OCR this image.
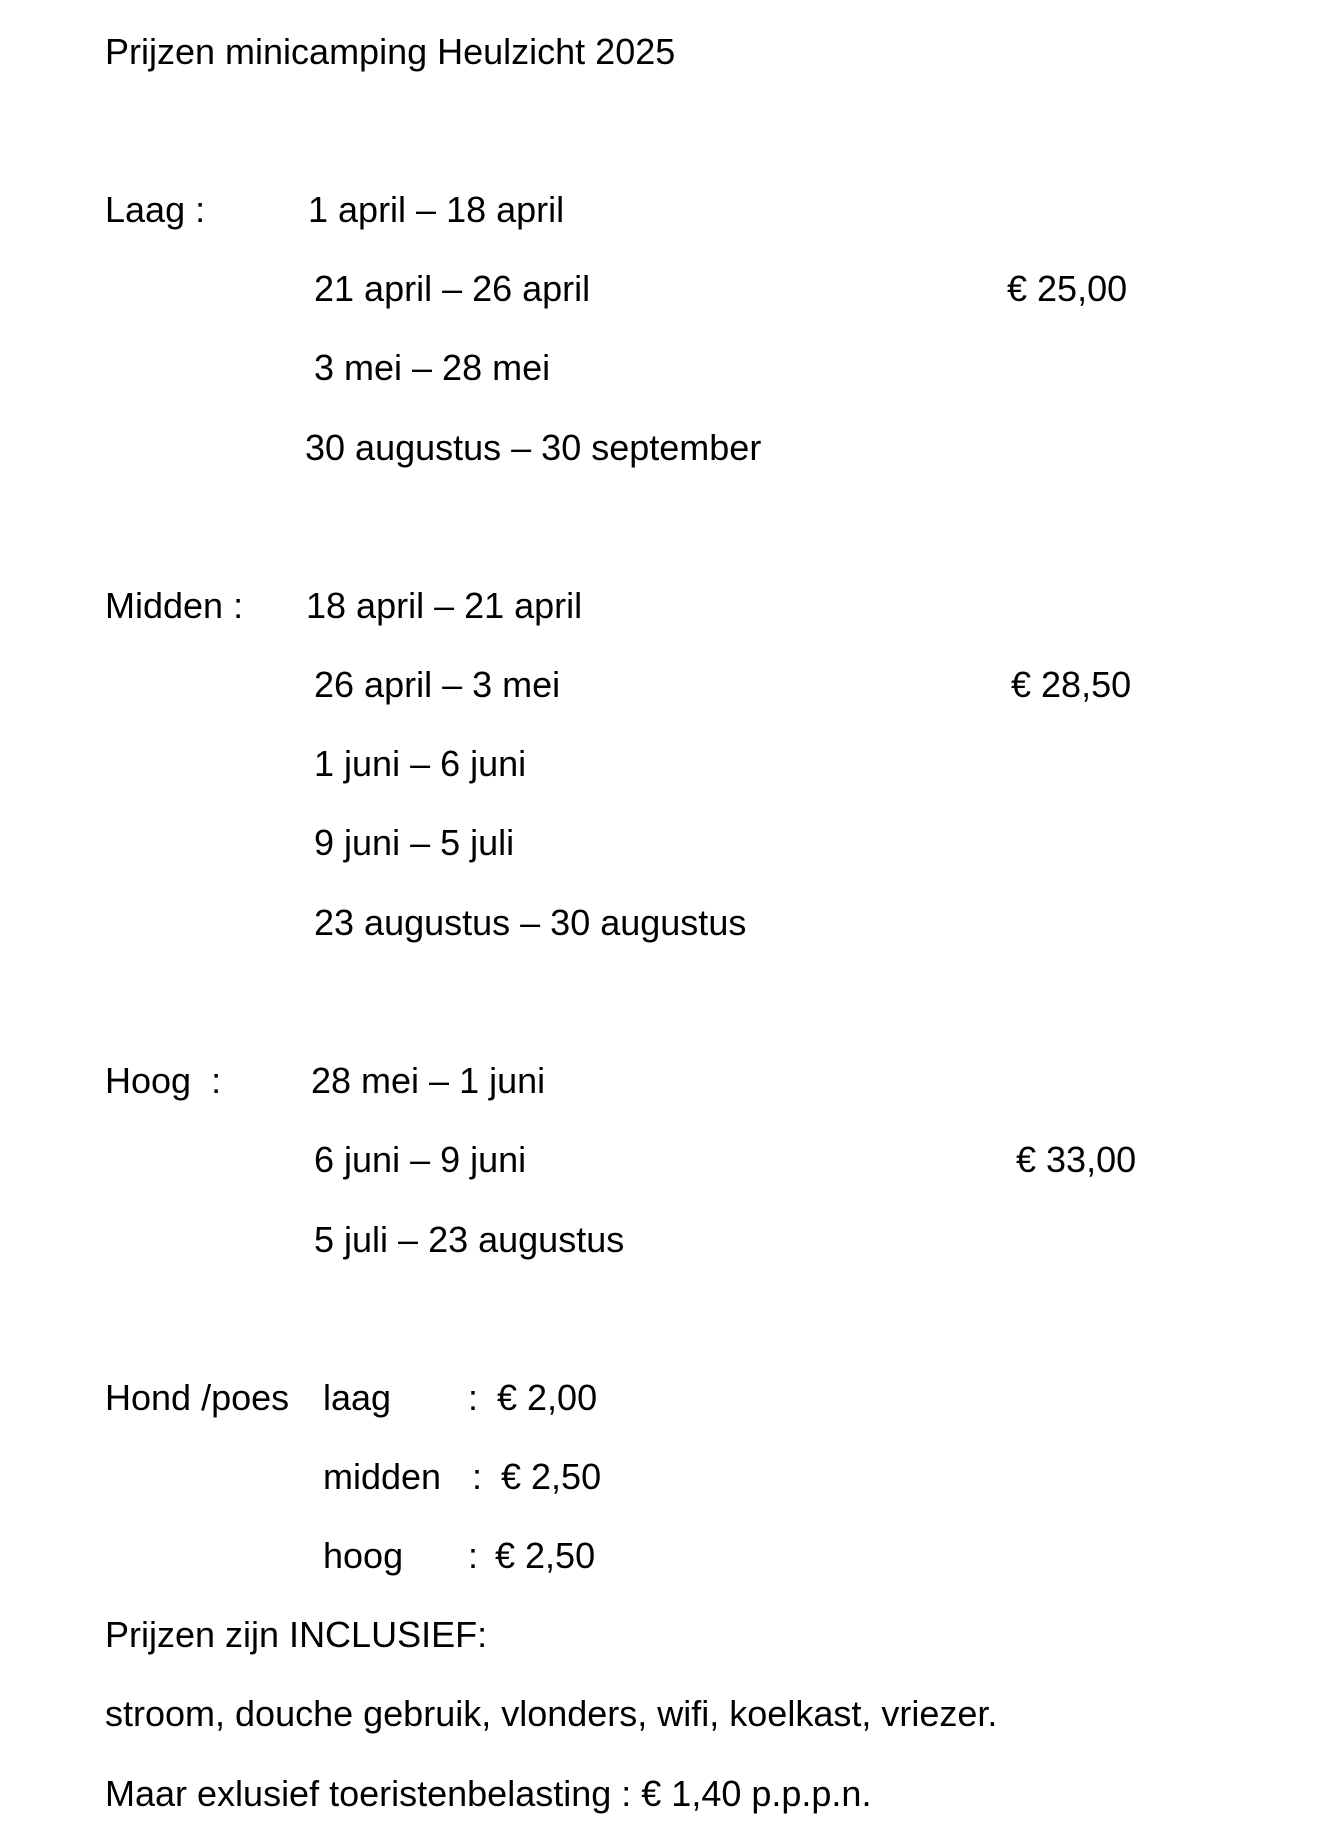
Prijzen minicamping Heulzicht 2025
Laag :	1 april – 18 april
21 april – 26 april	€ 25,00
3 mei – 28 mei
30 augustus – 30 september
Midden : 18 april – 21 april
26 april – 3 mei	€ 28,50
1 juni – 6 juni
9 juni – 5 juli
23 augustus – 30 augustus
Hoog  : 28 mei – 1 juni
6 juni – 9 juni	€ 33,00
5 juli – 23 augustus
Hond /poes laag : € 2,00
midden : € 2,50
hoog : € 2,50
Prijzen zijn INCLUSIEF:
stroom, douche gebruik, vlonders, wifi, koelkast, vriezer.
Maar exlusief toeristenbelasting : € 1,40 p.p.p.n.
